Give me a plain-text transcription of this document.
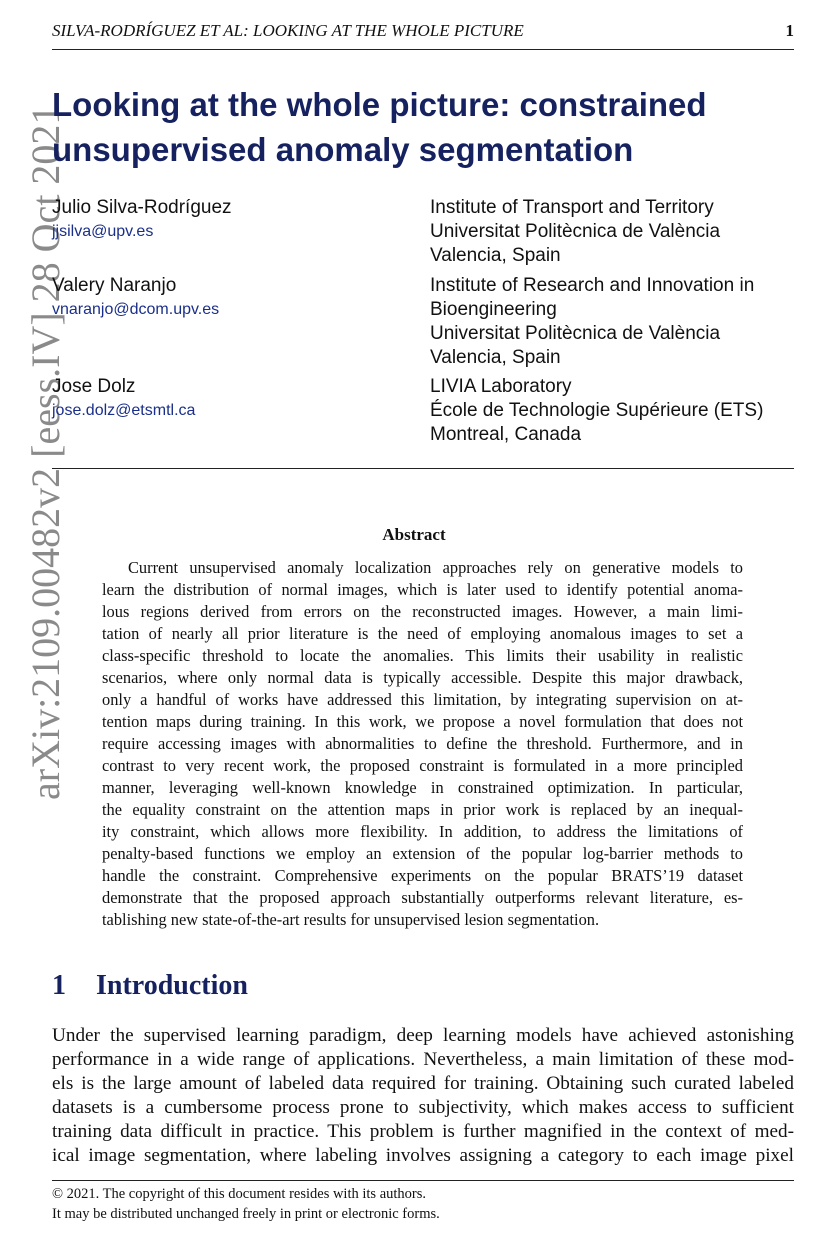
SILVA-RODRÍGUEZ ET AL: LOOKING AT THE WHOLE PICTURE	1
arXiv:2109.00482v2 [eess.IV] 28 Oct 2021
Looking at the whole picture: constrained
unsupervised anomaly segmentation
Julio Silva-Rodríguez
jjsilva@upv.es
Institute of Transport and Territory
Universitat Politècnica de València
Valencia, Spain
Valery Naranjo
vnaranjo@dcom.upv.es
Institute of Research and Innovation in
Bioengineering
Universitat Politècnica de València
Valencia, Spain
Jose Dolz
jose.dolz@etsmtl.ca
LIVIA Laboratory
École de Technologie Supérieure (ETS)
Montreal, Canada
Abstract
Current unsupervised anomaly localization approaches rely on generative models to
learn the distribution of normal images, which is later used to identify potential anoma-
lous regions derived from errors on the reconstructed images. However, a main limi-
tation of nearly all prior literature is the need of employing anomalous images to set a
class-specific threshold to locate the anomalies. This limits their usability in realistic
scenarios, where only normal data is typically accessible. Despite this major drawback,
only a handful of works have addressed this limitation, by integrating supervision on at-
tention maps during training. In this work, we propose a novel formulation that does not
require accessing images with abnormalities to define the threshold. Furthermore, and in
contrast to very recent work, the proposed constraint is formulated in a more principled
manner, leveraging well-known knowledge in constrained optimization. In particular,
the equality constraint on the attention maps in prior work is replaced by an inequal-
ity constraint, which allows more flexibility. In addition, to address the limitations of
penalty-based functions we employ an extension of the popular log-barrier methods to
handle the constraint. Comprehensive experiments on the popular BRATS’19 dataset
demonstrate that the proposed approach substantially outperforms relevant literature, es-
tablishing new state-of-the-art results for unsupervised lesion segmentation.
1 Introduction
Under the supervised learning paradigm, deep learning models have achieved astonishing
performance in a wide range of applications. Nevertheless, a main limitation of these mod-
els is the large amount of labeled data required for training. Obtaining such curated labeled
datasets is a cumbersome process prone to subjectivity, which makes access to sufficient
training data difficult in practice. This problem is further magnified in the context of med-
ical image segmentation, where labeling involves assigning a category to each image pixel
© 2021. The copyright of this document resides with its authors.
It may be distributed unchanged freely in print or electronic forms.
